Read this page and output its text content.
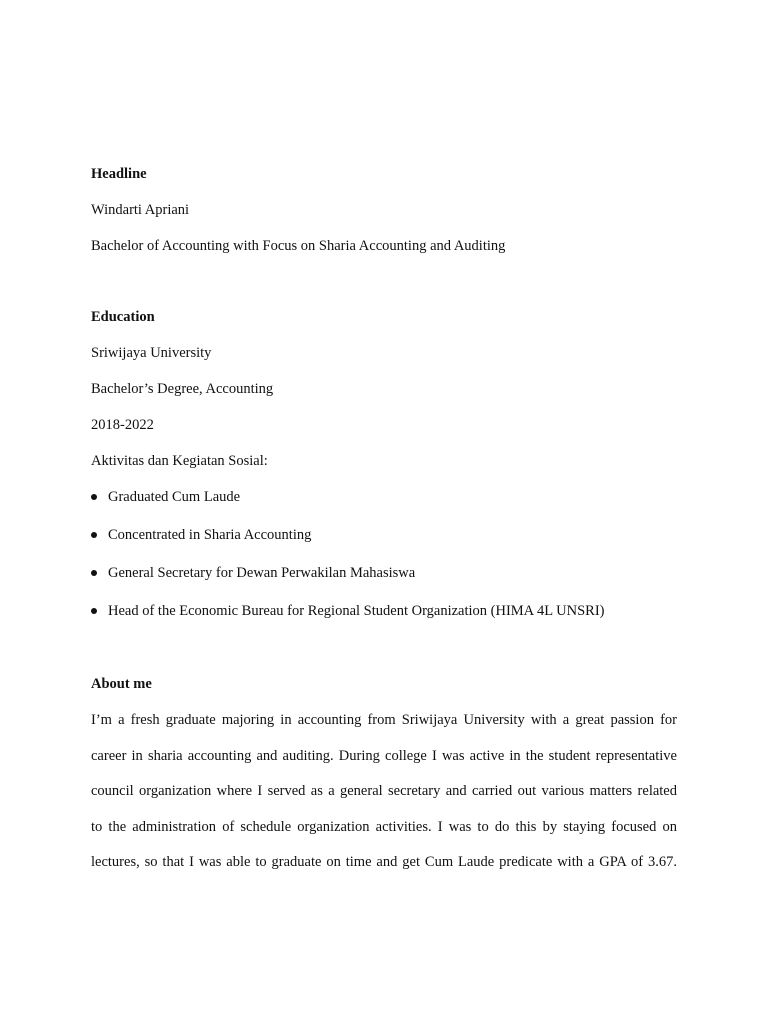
Headline
Windarti Apriani
Bachelor of Accounting with Focus on Sharia Accounting and Auditing
Education
Sriwijaya University
Bachelor’s Degree, Accounting
2018-2022
Aktivitas dan Kegiatan Sosial:
Graduated Cum Laude
Concentrated in Sharia Accounting
General Secretary for Dewan Perwakilan Mahasiswa
Head of the Economic Bureau for Regional Student Organization (HIMA 4L UNSRI)
About me
I’m a fresh graduate majoring in accounting from Sriwijaya University with a great passion for
career in sharia accounting and auditing. During college I was active in the student representative
council organization where I served as a general secretary and carried out various matters related
to the administration of schedule organization activities. I was to do this by staying focused on
lectures, so that I was able to graduate on time and get Cum Laude predicate with a GPA of 3.67.
